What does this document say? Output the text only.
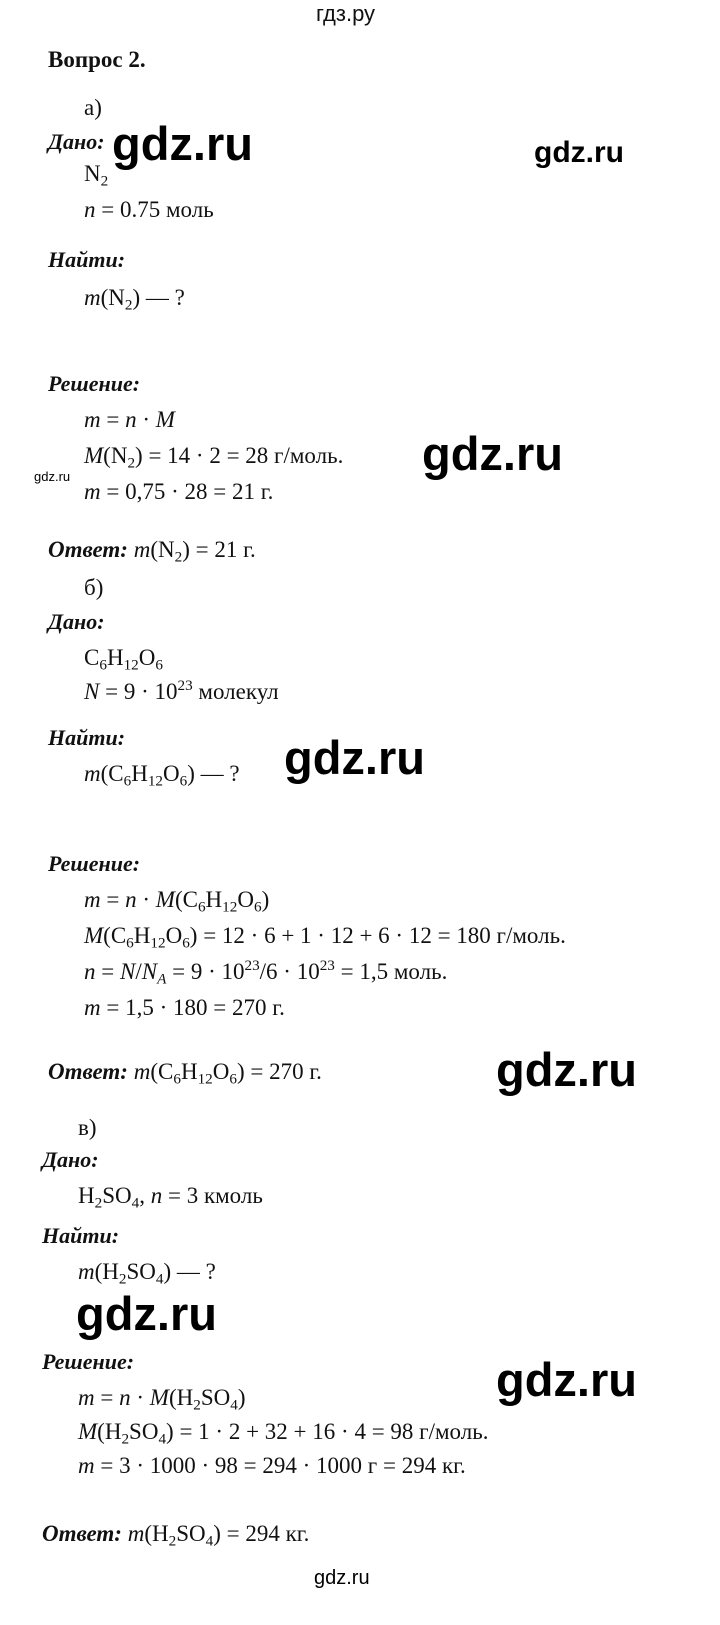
гдз.ру
Вопрос 2.
а)
Дано:
$N_2$
n = 0.75 моль
Найти:
$m(N_2)$ — ?
Решение:
m = n · M
$M(N_2) = 14 \cdot 2 = 28$ г/моль.
m = 0,75 · 28 = 21 г.
Ответ: $m(N_2) = 21$ г.
б)
Дано:
$C_6H_{12}O_6$
$N = 9 \cdot 10^{23}$ молекул
Найти:
$m(C_6H_{12}O_6)$ — ?
Решение:
$m = n \cdot M(C_6H_{12}O_6)$
$M(C_6H_{12}O_6) = 12 \cdot 6 + 1 \cdot 12 + 6 \cdot 12 = 180$ г/моль.
$n = N/N_A = 9 \cdot 10^{23}/6 \cdot 10^{23} = 1,5$ моль.
m = 1,5 · 180 = 270 г.
Ответ: $m(C_6H_{12}O_6) = 270$ г.
в)
Дано:
$H_2SO_4$, n = 3 кмоль
Найти:
$m(H_2SO_4)$ — ?
Решение:
$m = n \cdot M(H_2SO_4)$
$M(H_2SO_4) = 1 \cdot 2 + 32 + 16 \cdot 4 = 98$ г/моль.
m = 3 · 1000 · 98 = 294 · 1000 г = 294 кг.
Ответ: $m(H_2SO_4) = 294$ кг.
gdz.ru	gdz.ru
gdz.ru
gdz.ru
gdz.ru
gdz.ru
gdz.ru
gdz.ru
gdz.ru
